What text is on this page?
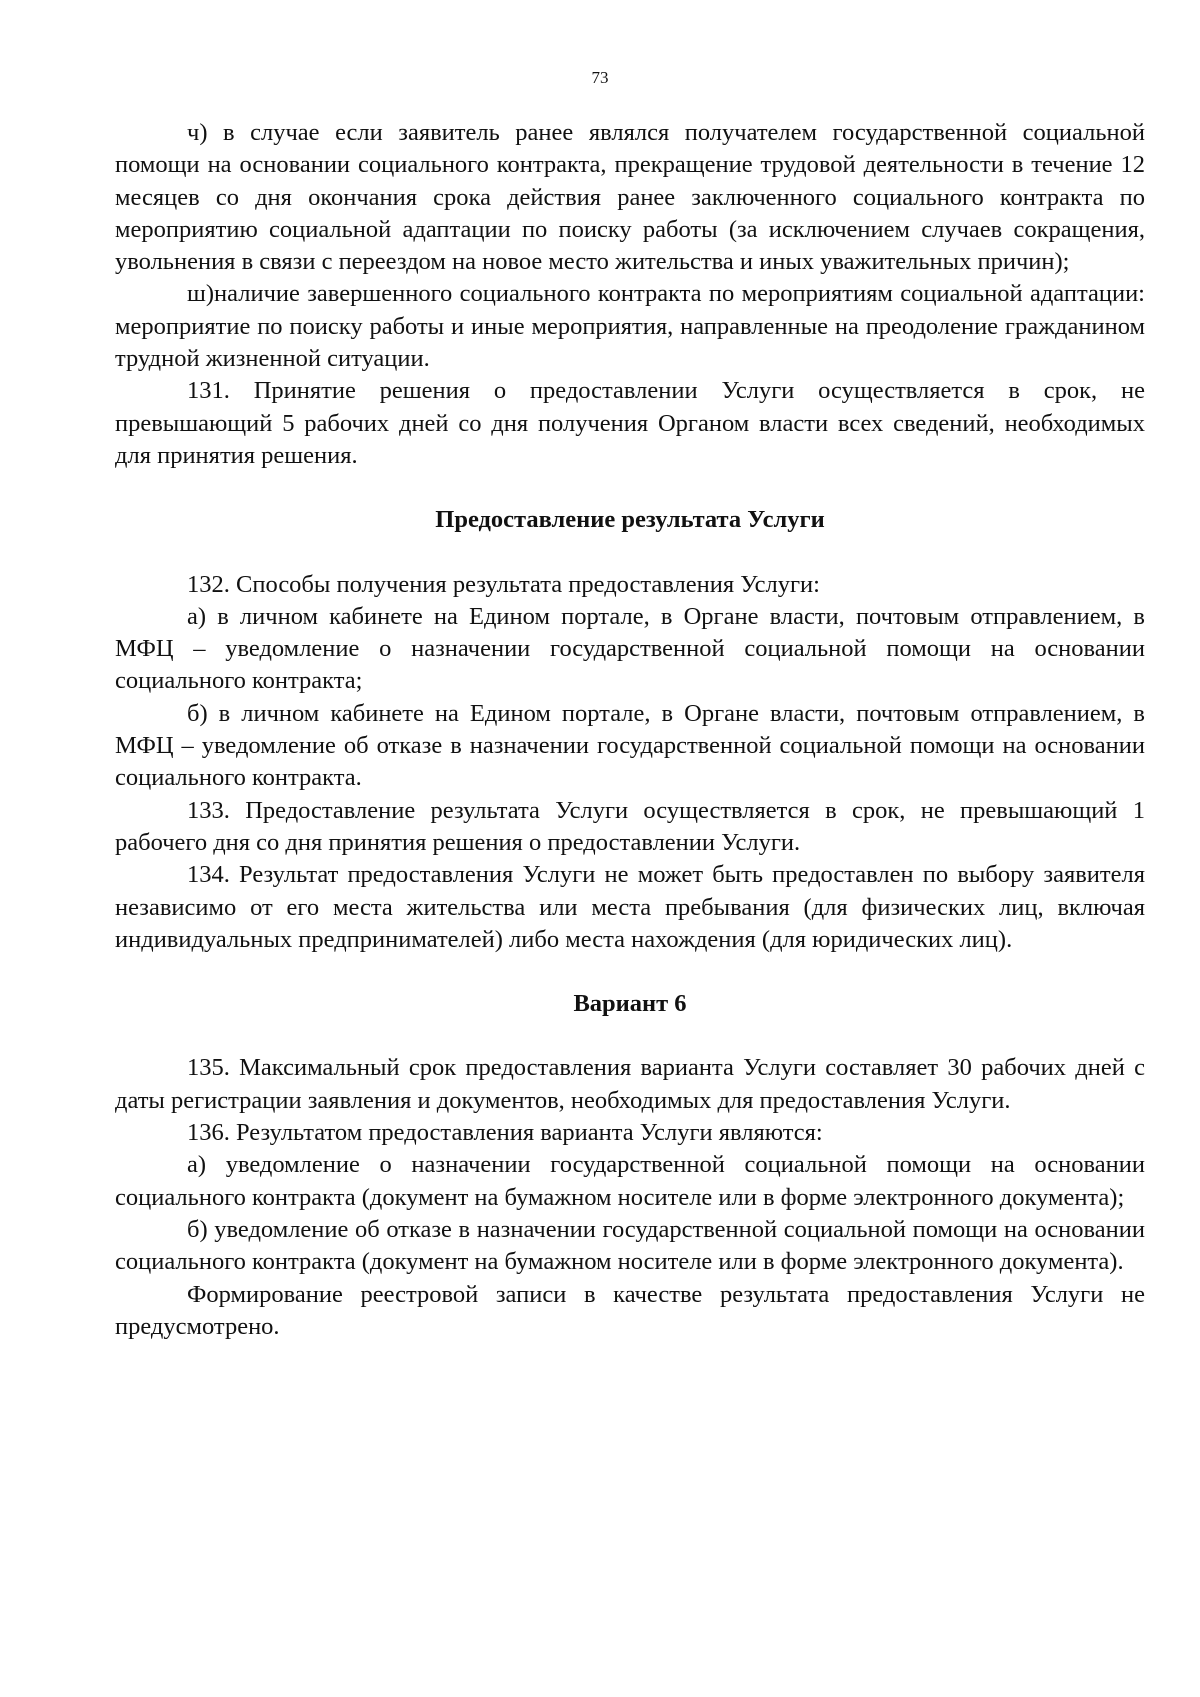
73

ч) в случае если заявитель ранее являлся получателем государственной социальной помощи на основании социального контракта, прекращение трудовой деятельности в течение 12 месяцев со дня окончания срока действия ранее заключенного социального контракта по мероприятию социальной адаптации по поиску работы (за исключением случаев сокращения, увольнения в связи с переездом на новое место жительства и иных уважительных причин);

ш)наличие завершенного социального контракта по мероприятиям социальной адаптации: мероприятие по поиску работы и иные мероприятия, направленные на преодоление гражданином трудной жизненной ситуации.

131. Принятие решения о предоставлении Услуги осуществляется в срок, не превышающий 5 рабочих дней со дня получения Органом власти всех сведений, необходимых для принятия решения.

Предоставление результата Услуги

132. Способы получения результата предоставления Услуги:

а) в личном кабинете на Едином портале, в Органе власти, почтовым отправлением, в МФЦ – уведомление о назначении государственной социальной помощи на основании социального контракта;

б) в личном кабинете на Едином портале, в Органе власти, почтовым отправлением, в МФЦ – уведомление об отказе в назначении государственной социальной помощи на основании социального контракта.

133. Предоставление результата Услуги осуществляется в срок, не превышающий 1 рабочего дня со дня принятия решения о предоставлении Услуги.

134. Результат предоставления Услуги не может быть предоставлен по выбору заявителя независимо от его места жительства или места пребывания (для физических лиц, включая индивидуальных предпринимателей) либо места нахождения (для юридических лиц).

Вариант 6

135. Максимальный срок предоставления варианта Услуги составляет 30 рабочих дней с даты регистрации заявления и документов, необходимых для предоставления Услуги.

136. Результатом предоставления варианта Услуги являются:

а) уведомление о назначении государственной социальной помощи на основании социального контракта (документ на бумажном носителе или в форме электронного документа);

б) уведомление об отказе в назначении государственной социальной помощи на основании социального контракта (документ на бумажном носителе или в форме электронного документа).

Формирование реестровой записи в качестве результата предоставления Услуги не предусмотрено.
